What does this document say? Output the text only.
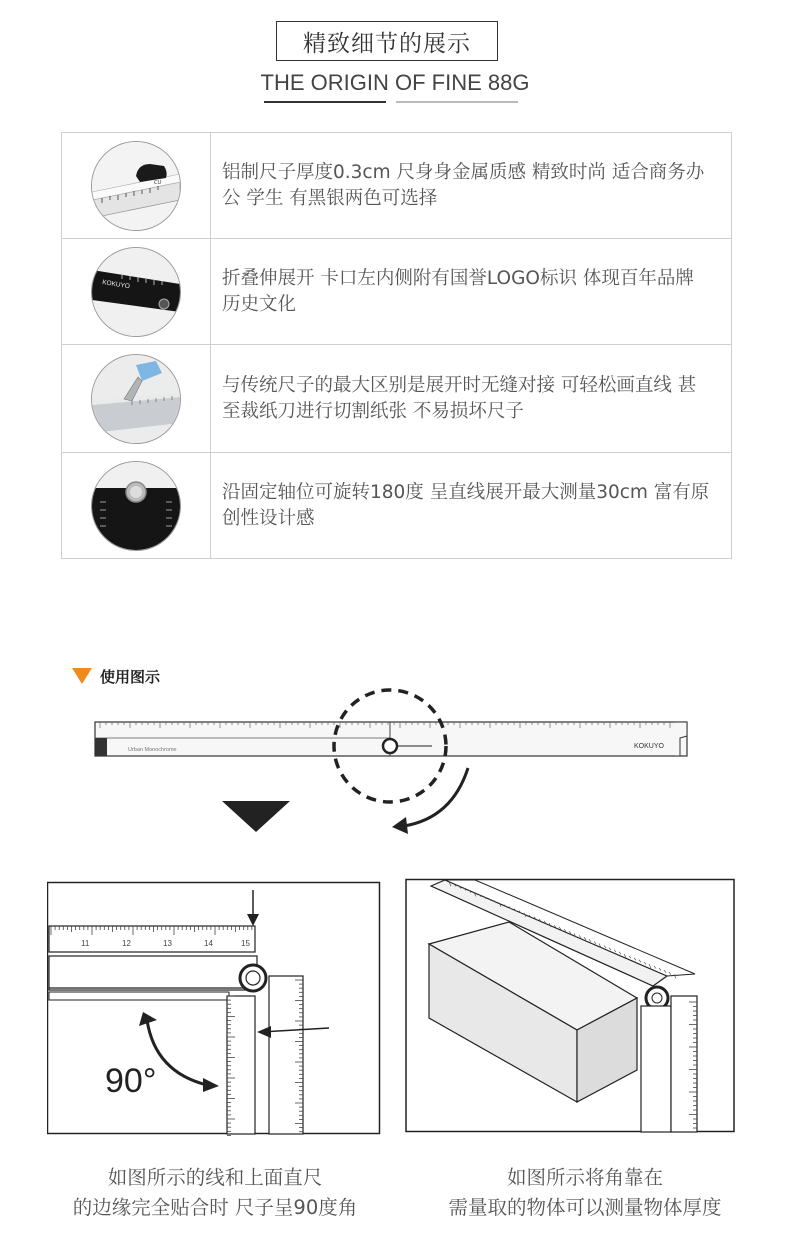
精致细节的展示
THE ORIGIN OF FINE 88G
CU	铝制尺子厚度0.3cm 尺身身金属质感 精致时尚 适合商务办公 学生 有黑银两色可选择

KOKUYO	折叠伸展开 卡口左内侧附有国誉LOGO标识 体现百年品牌历史文化

	与传统尺子的最大区别是展开时无缝对接 可轻松画直线 甚至裁纸刀进行切割纸张 不易损坏尺子

	沿固定轴位可旋转180度 呈直线展开最大测量30cm 富有原创性设计感
使用图示
Urban Monochrome	KOKUYO
11	12	13	14	15
90°
如图所示的线和上面直尺
的边缘完全贴合时 尺子呈90度角
如图所示将角靠在
需量取的物体可以测量物体厚度
